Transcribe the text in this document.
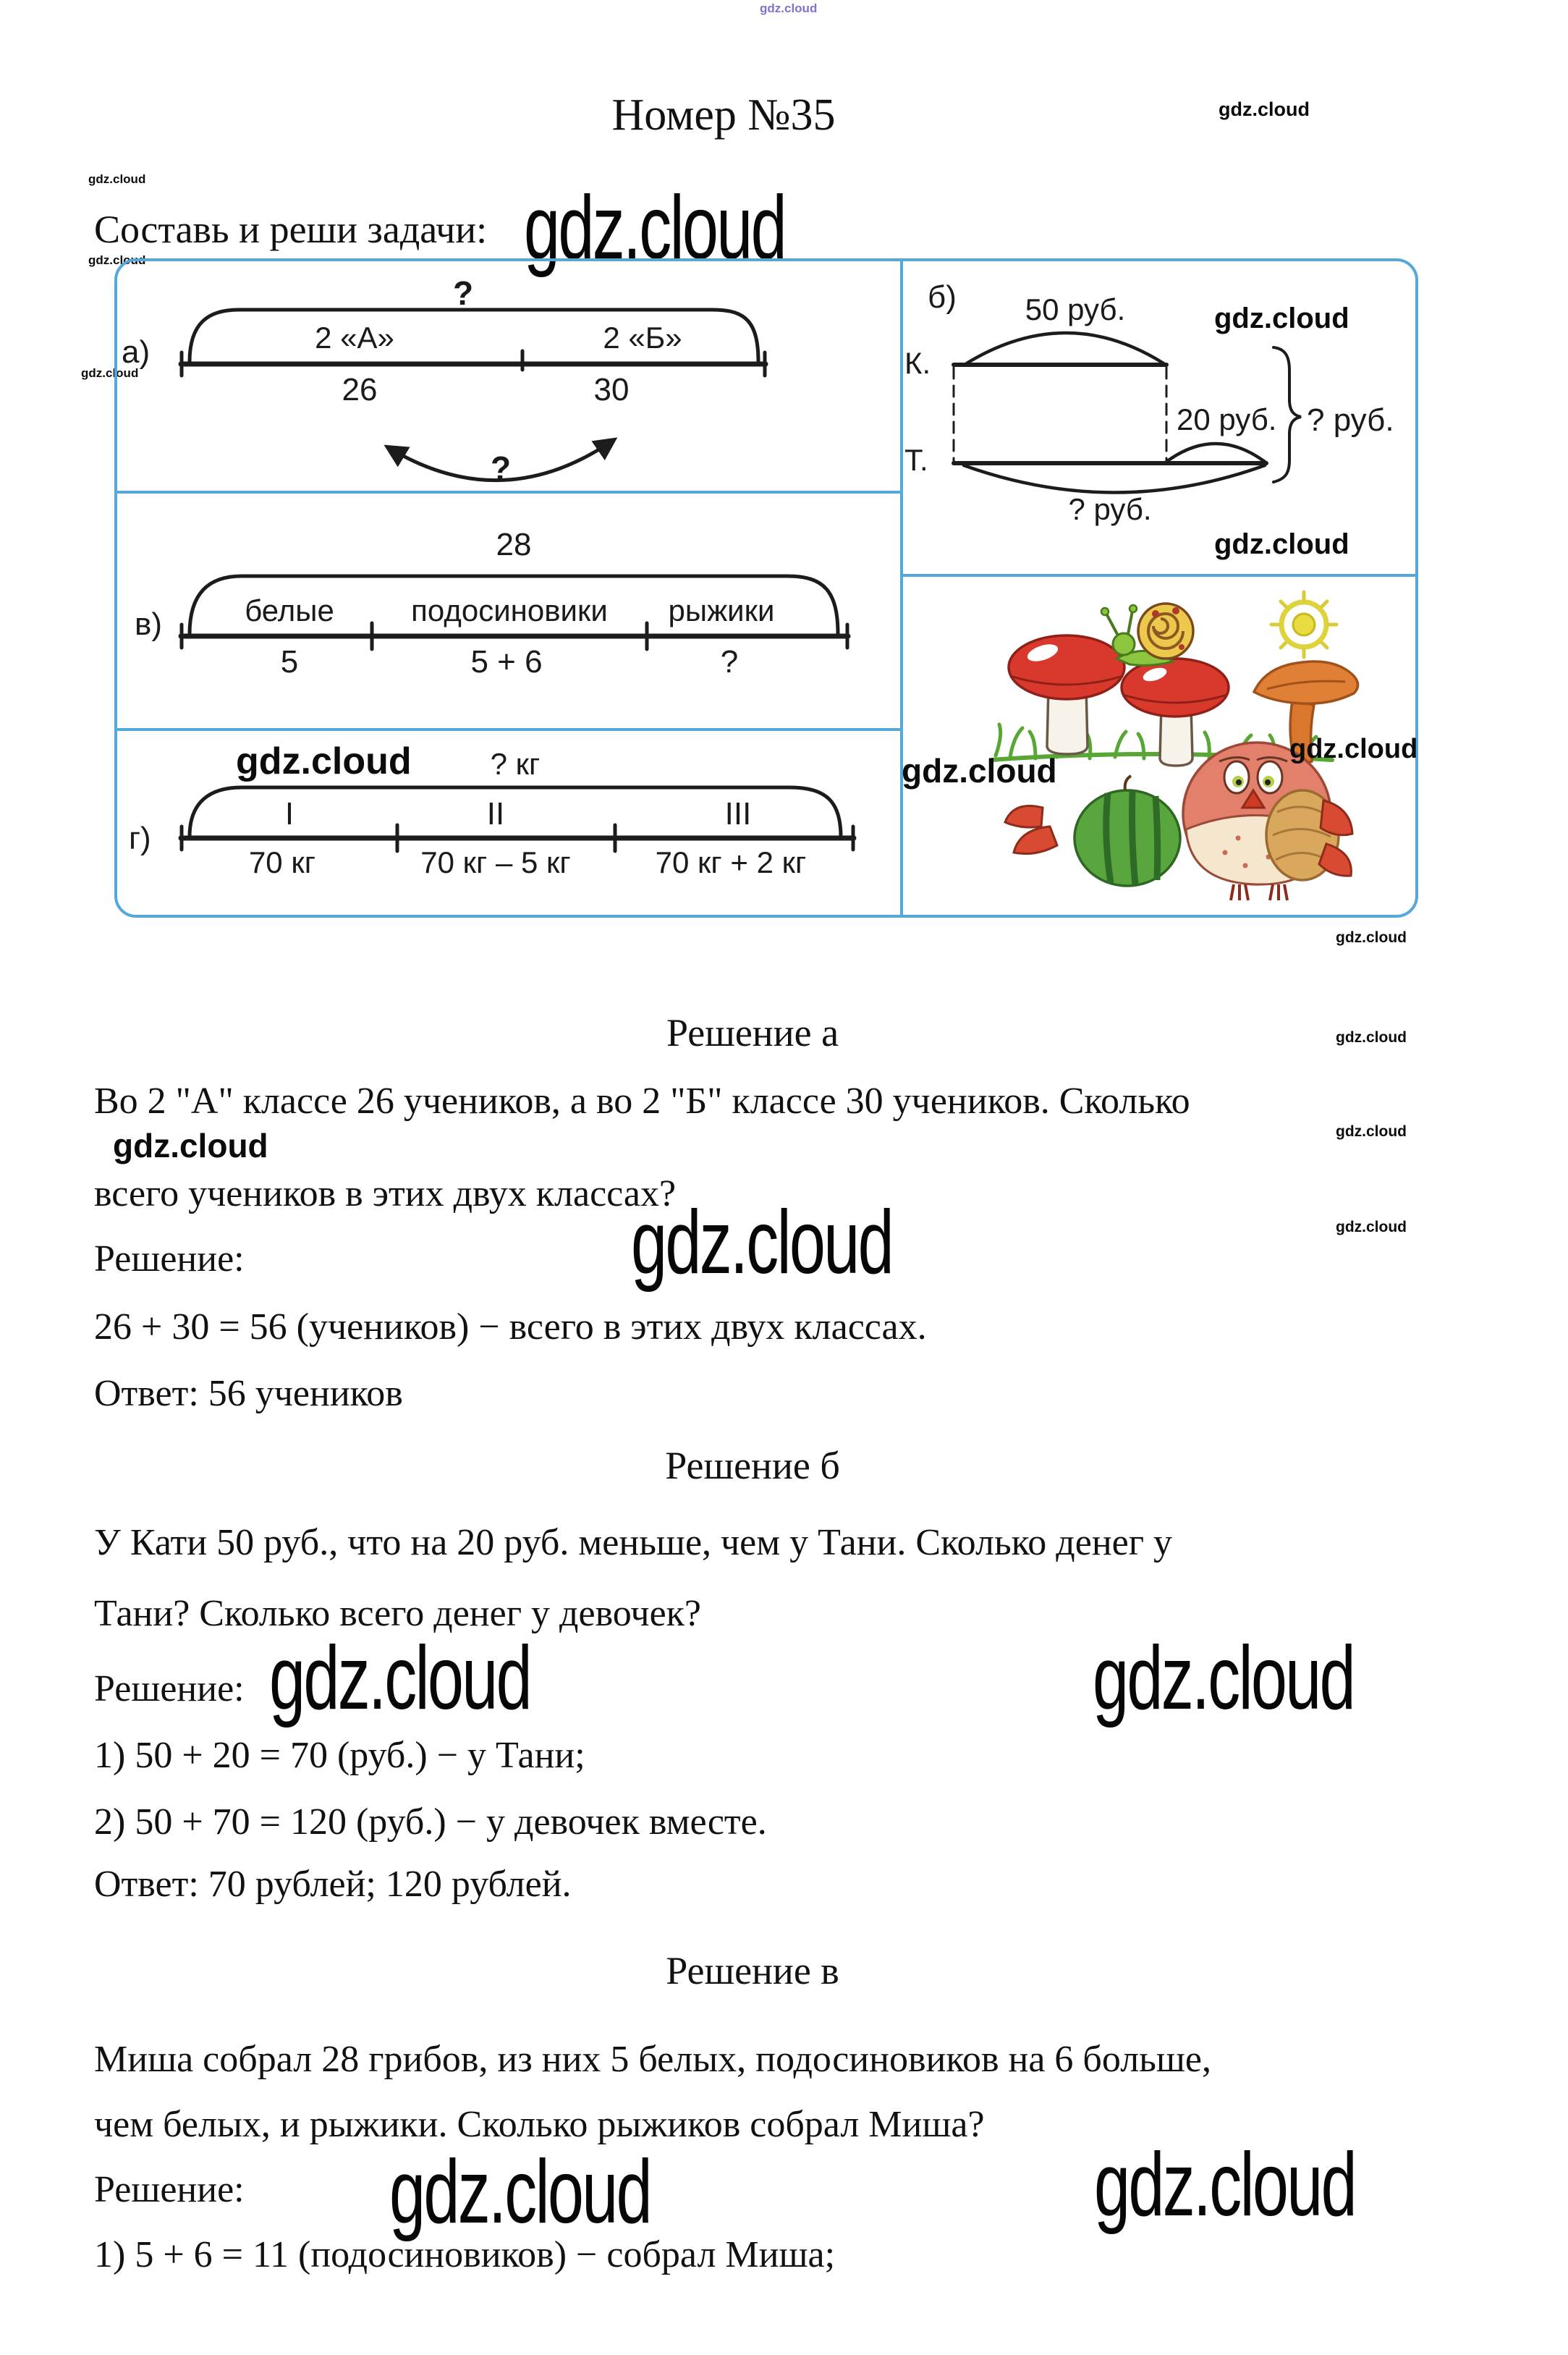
gdz.cloud
Номер №35	gdz.cloud
gdz.cloud
Составь и реши задачи: gdz.cloud
gdz.cloud
gdz.cloud
?
а)	2 «А»	2 «Б»
26	30
?
б) 50 руб.	gdz.cloud
К.
20 руб. ? руб.
Т.
? руб.
gdz.cloud
28
в)	белые	подосиновики рыжики
5	5 + 6	?
gdz.cloud	? кг
г)
I	II	III
70 кг	70 кг – 5 кг	70 кг + 2 кг
gdz.cloud
gdz.cloud
gdz.cloud
gdz.cloud
gdz.cloud
gdz.cloud
Решение а
Во 2 "А" классе 26 учеников, а во 2 "Б" классе 30 учеников. Сколько
gdz.cloud
всего учеников в этих двух классах?
Решение:	gdz.cloud
26 + 30 = 56 (учеников) − всего в этих двух классах.
Ответ: 56 учеников
Решение б
У Кати 50 руб., что на 20 руб. меньше, чем у Тани. Сколько денег у
Тани? Сколько всего денег у девочек?
Решение: gdz.cloud	gdz.cloud
1) 50 + 20 = 70 (руб.) − у Тани;
2) 50 + 70 = 120 (руб.) − у девочек вместе.
Ответ: 70 рублей; 120 рублей.
Решение в
Миша собрал 28 грибов, из них 5 белых, подосиновиков на 6 больше,
чем белых, и рыжики. Сколько рыжиков собрал Миша?
Решение: gdz.cloud	gdz.cloud
1) 5 + 6 = 11 (подосиновиков) − собрал Миша;
